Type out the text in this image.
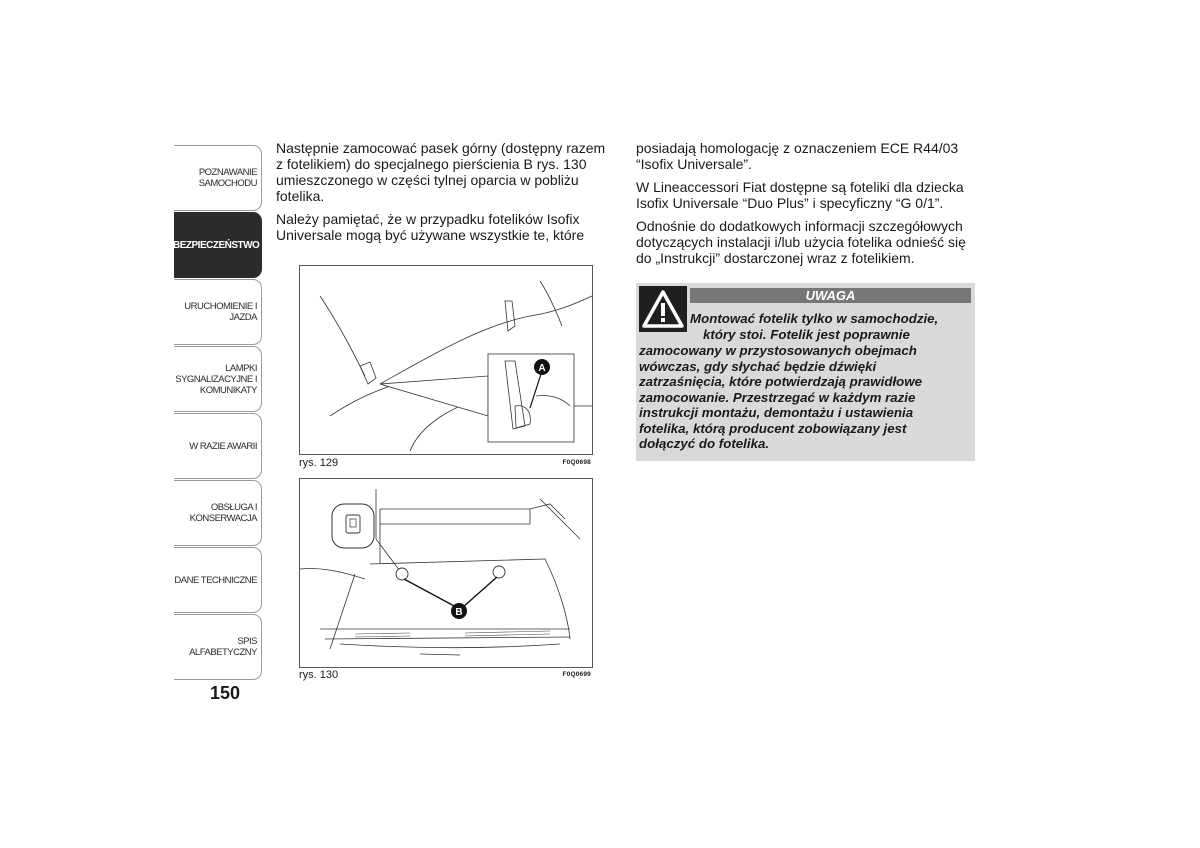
POZNAWANIE SAMOCHODU
BEZPIECZEŃSTWO
URUCHOMIENIE I JAZDA
LAMPKI SYGNALIZACYJNE I KOMUNIKATY
W RAZIE AWARII
OBSŁUGA I KONSERWACJA
DANE TECHNICZNE
SPIS ALFABETYCZNY
150

Następnie zamocować pasek górny (dostępny razem z fotelikiem) do specjalnego pierścienia B rys. 130 umieszczonego w części tylnej oparcia w pobliżu fotelika.

Należy pamiętać, że w przypadku fotelików Isofix Universale mogą być używane wszystkie te, które

A
rys. 129	F0Q0698
B
rys. 130	F0Q0699

posiadają homologację z oznaczeniem ECE R44/03 “Isofix Universale”.

W Lineaccessori Fiat dostępne są foteliki dla dziecka Isofix Universale “Duo Plus” i specyficzny “G 0/1”.

Odnośnie do dodatkowych informacji szczegółowych dotyczących instalacji i/lub użycia fotelika odnieść się do „Instrukcji” dostarczonej wraz z fotelikiem.

UWAGA
Montować fotelik tylko w samochodzie,
który stoi. Fotelik jest poprawnie
zamocowany w przystosowanych obejmach
wówczas, gdy słychać będzie dźwięki
zatrzaśnięcia, które potwierdzają prawidłowe
zamocowanie. Przestrzegać w każdym razie
instrukcji montażu, demontażu i ustawienia
fotelika, którą producent zobowiązany jest
dołączyć do fotelika.
